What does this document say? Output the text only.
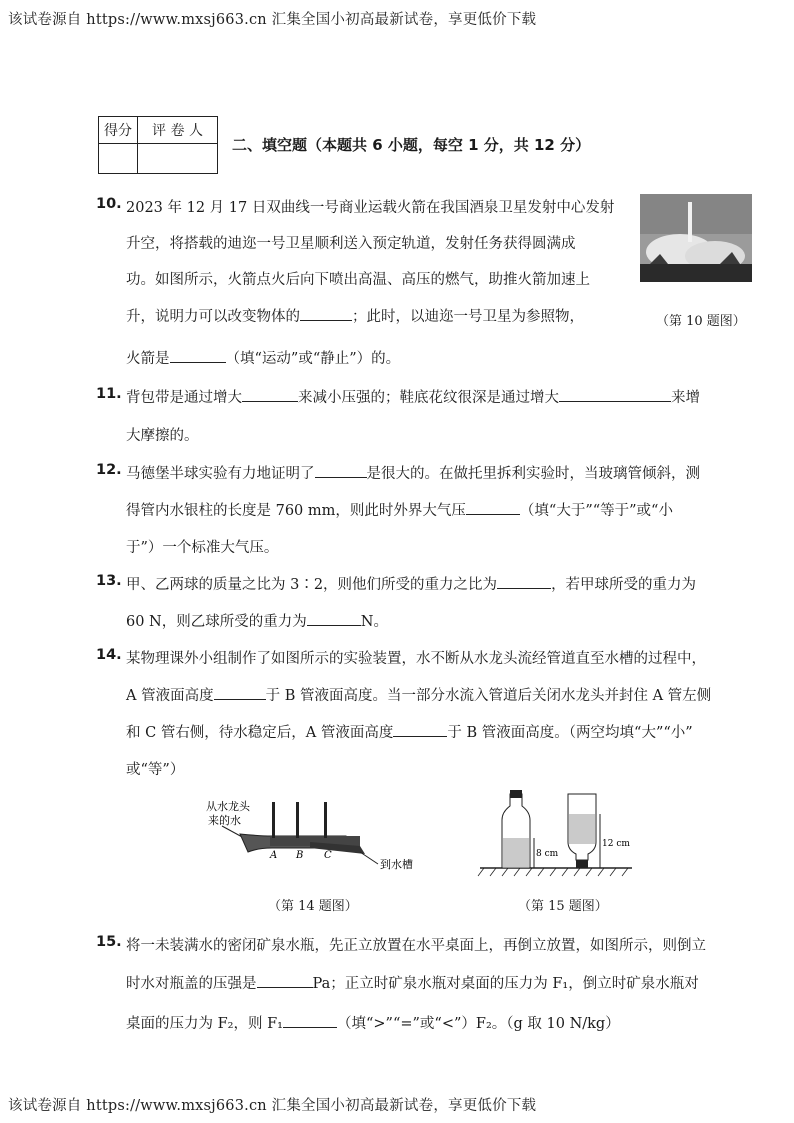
该试卷源自 https://www.mxsj663.cn 汇集全国小初高最新试卷，享更低价下载
得分	评 卷 人

二、填空题（本题共 6 小题，每空 1 分，共 12 分）
10. 2023 年 12 月 17 日双曲线一号商业运载火箭在我国酒泉卫星发射中心发射
升空，将搭载的迪迩一号卫星顺利送入预定轨道，发射任务获得圆满成
功。如图所示，火箭点火后向下喷出高温、高压的燃气，助推火箭加速上
升，说明力可以改变物体的	；此时，以迪迩一号卫星为参照物，
火箭是	（填“运动”或“静止”）的。
（第 10 题图）
11. 背包带是通过增大	来减小压强的；鞋底花纹很深是通过增大	来增
大摩擦的。
12. 马德堡半球实验有力地证明了	是很大的。在做托里拆利实验时，当玻璃管倾斜，测
得管内水银柱的长度是 760 mm，则此时外界大气压	（填“大于”“等于”或“小
于”）一个标准大气压。
13. 甲、乙两球的质量之比为 3∶2，则他们所受的重力之比为	，若甲球所受的重力为
60 N，则乙球所受的重力为	N。
14. 某物理课外小组制作了如图所示的实验装置，水不断从水龙头流经管道直至水槽的过程中，
A 管液面高度	于 B 管液面高度。当一部分水流入管道后关闭水龙头并封住 A 管左侧
和 C 管右侧，待水稳定后，A 管液面高度	于 B 管液面高度。（两空均填“大”“小”
或“等”）
从水龙头
来的水
A B C
到水槽
（第 14 题图）
8 cm
12 cm
（第 15 题图）
15. 将一未装满水的密闭矿泉水瓶，先正立放置在水平桌面上，再倒立放置，如图所示，则倒立
时水对瓶盖的压强是	Pa；正立时矿泉水瓶对桌面的压力为 F₁，倒立时矿泉水瓶对
桌面的压力为 F₂，则 F₁	（填“>”“=”或“<”）F₂。（g 取 10 N/kg）
该试卷源自 https://www.mxsj663.cn 汇集全国小初高最新试卷，享更低价下载
